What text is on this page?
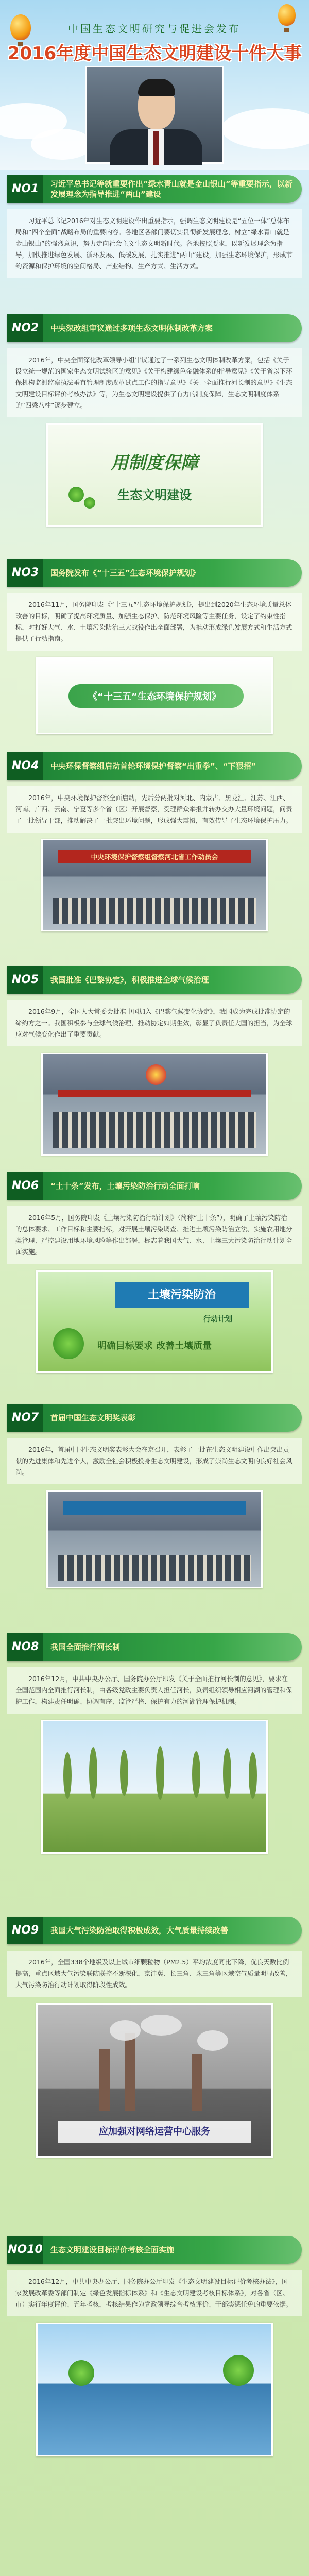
中国生态文明研究与促进会发布
2016年度中国生态文明建设十件大事
NO1	习近平总书记等就重要作出“绿水青山就是金山银山”等重要指示，以新发展理念为指导推进“两山”建设
习近平总书记2016年对生态文明建设作出重要指示，强调生态文明建设是“五位一体”总体布局和“四个全面”战略布局的重要内容。各地区各部门要切实贯彻新发展理念，树立“绿水青山就是金山银山”的强烈意识，努力走向社会主义生态文明新时代。各地按照要求，以新发展理念为指导，加快推进绿色发展、循环发展、低碳发展，扎实推进“两山”建设，加强生态环境保护，形成节约资源和保护环境的空间格局、产业结构、生产方式、生活方式。
NO2	中央深改组审议通过多项生态文明体制改革方案
2016年，中央全面深化改革领导小组审议通过了一系列生态文明体制改革方案，包括《关于设立统一规范的国家生态文明试验区的意见》《关于构建绿色金融体系的指导意见》《关于省以下环保机构监测监察执法垂直管理制度改革试点工作的指导意见》《关于全面推行河长制的意见》《生态文明建设目标评价考核办法》等，为生态文明建设提供了有力的制度保障，生态文明制度体系的“四梁八柱”逐步建立。
用制度保障
生态文明建设
NO3	国务院发布《“十三五”生态环境保护规划》
2016年11月，国务院印发《“十三五”生态环境保护规划》，提出到2020年生态环境质量总体改善的目标，明确了提高环境质量、加强生态保护、防范环境风险等主要任务，设定了约束性指标，对打好大气、水、土壤污染防治三大战役作出全面部署，为推动形成绿色发展方式和生活方式提供了行动指南。
《“十三五”生态环境保护规划》
NO4	中央环保督察组启动首轮环境保护督察“出重拳”、“下狠招”
2016年，中央环境保护督察全面启动，先后分两批对河北、内蒙古、黑龙江、江苏、江西、河南、广西、云南、宁夏等多个省（区）开展督察，受理群众举报并转办交办大量环境问题，问责了一批领导干部，推动解决了一批突出环境问题，形成强大震慑，有效传导了生态环境保护压力。
中央环境保护督察组督察河北省工作动员会
NO5	我国批准《巴黎协定》，积极推进全球气候治理
2016年9月，全国人大常委会批准中国加入《巴黎气候变化协定》，我国成为完成批准协定的缔约方之一。我国积极参与全球气候治理，推动协定如期生效，彰显了负责任大国的担当，为全球应对气候变化作出了重要贡献。
NO6	“土十条”发布，土壤污染防治行动全面打响
2016年5月，国务院印发《土壤污染防治行动计划》（简称“土十条”），明确了土壤污染防治的总体要求、工作目标和主要指标，对开展土壤污染调查、推进土壤污染防治立法、实施农用地分类管理、严控建设用地环境风险等作出部署，标志着我国大气、水、土壤三大污染防治行动计划全面实施。
土壤污染防治
行动计划
明确目标要求 改善土壤质量
NO7	首届中国生态文明奖表彰
2016年，首届中国生态文明奖表彰大会在京召开，表彰了一批在生态文明建设中作出突出贡献的先进集体和先进个人，激励全社会积极投身生态文明建设，形成了崇尚生态文明的良好社会风尚。
NO8	我国全面推行河长制
2016年12月，中共中央办公厅、国务院办公厅印发《关于全面推行河长制的意见》，要求在全国范围内全面推行河长制，由各级党政主要负责人担任河长，负责组织领导相应河湖的管理和保护工作，构建责任明确、协调有序、监管严格、保护有力的河湖管理保护机制。
NO9	我国大气污染防治取得积极成效，大气质量持续改善
2016年，全国338个地级及以上城市细颗粒物（PM2.5）平均浓度同比下降，优良天数比例提高，重点区域大气污染联防联控不断深化，京津冀、长三角、珠三角等区域空气质量明显改善，大气污染防治行动计划取得阶段性成效。
应加强对网络运营中心服务
NO10	生态文明建设目标评价考核全面实施
2016年12月，中共中央办公厅、国务院办公厅印发《生态文明建设目标评价考核办法》，国家发展改革委等部门制定《绿色发展指标体系》和《生态文明建设考核目标体系》，对各省（区、市）实行年度评价、五年考核，考核结果作为党政领导综合考核评价、干部奖惩任免的重要依据。
